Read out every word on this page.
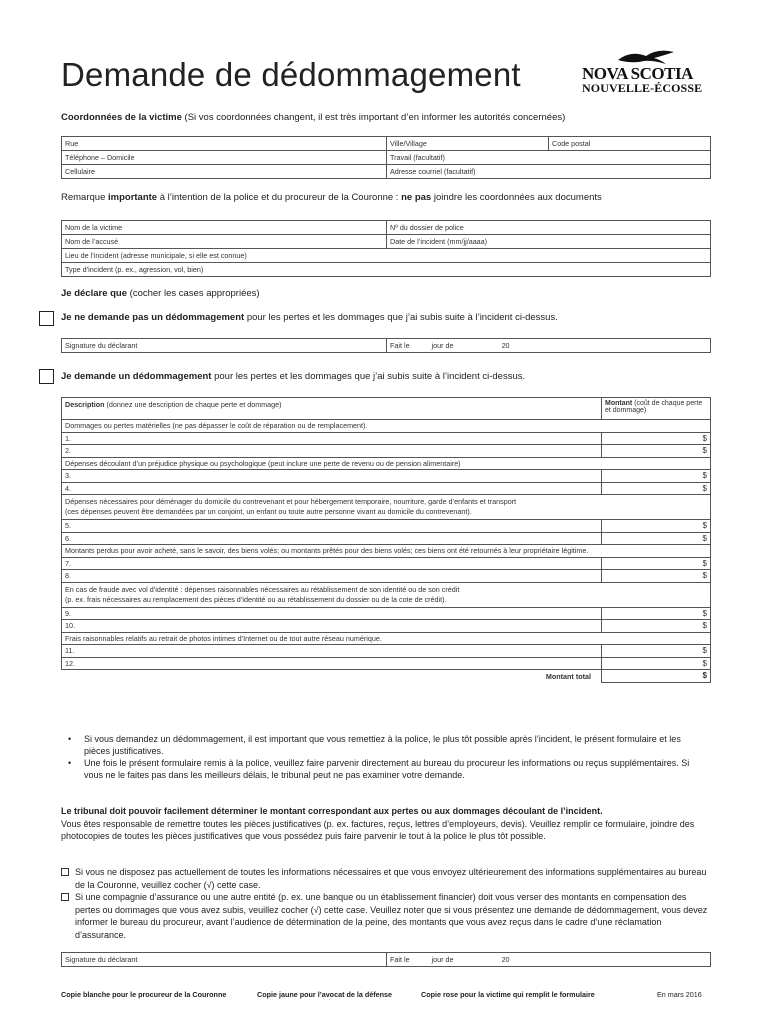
Demande de dédommagement	NOVA SCOTIA
NOUVELLE-ÉCOSSE
Coordonnées de la victime (Si vos coordonnées changent, il est très important d’en informer les autorités concernées)
Rue	Ville/Village	Code postal
Téléphone – Domicile	Travail (facultatif)	
Cellulaire	Adresse courriel (facultatif)	
Remarque importante à l’intention de la police et du procureur de la Couronne : ne pas joindre les coordonnées aux documents
Nom de la victime	Nº du dossier de police
Nom de l’accusé	Date de l’incident (mm/jj/aaaa)
Lieu de l’incident (adresse municipale, si elle est connue)	
Type d’incident (p. ex., agression, vol, bien)	
Je déclare que (cocher les cases appropriées)
Je ne demande pas un dédommagement pour les pertes et les dommages que j’ai subis suite à l’incident ci-dessus.
Signature du déclarant	Fait le	jour de	20
Je demande un dédommagement pour les pertes et les dommages que j’ai subis suite à l’incident ci-dessus.
Description (donnez une description de chaque perte et dommage)	Montant (coût de chaque perte et dommage)
Dommages ou pertes matérielles (ne pas dépasser le coût de réparation ou de remplacement).	
1.	$
2.	$
Dépenses découlant d’un préjudice physique ou psychologique (peut inclure une perte de revenu ou de pension alimentaire)	
3.	$
4.	$
Dépenses nécessaires pour déménager du domicile du contrevenant et pour hébergement temporaire, nourriture, garde d’enfants et transport
(ces dépenses peuvent être demandées par un conjoint, un enfant ou toute autre personne vivant au domicile du contrevenant).	
5.	$
6.	$
Montants perdus pour avoir acheté, sans le savoir, des biens volés; ou montants prêtés pour des biens volés; ces biens ont été retournés à leur propriétaire légitime.	
7.	$
8.	$
En cas de fraude avec vol d’identité : dépenses raisonnables nécessaires au rétablissement de son identité ou de son crédit
(p. ex. frais nécessaires au remplacement des pièces d’identité ou au rétablissement du dossier ou de la cote de crédit).	
9.	$
10.	$
Frais raisonnables relatifs au retrait de photos intimes d’Internet ou de tout autre réseau numérique.	
11.	$
12.	$
Montant total	$
• Si vous demandez un dédommagement, il est important que vous remettiez à la police, le plus tôt possible après l’incident, le présent formulaire et les pièces justificatives.
• Une fois le présent formulaire remis à la police, veuillez faire parvenir directement au bureau du procureur les informations ou reçus supplémentaires. Si vous ne le faites pas dans les meilleurs délais, le tribunal peut ne pas examiner votre demande.
Le tribunal doit pouvoir facilement déterminer le montant correspondant aux pertes ou aux dommages découlant de l’incident.
Vous êtes responsable de remettre toutes les pièces justificatives (p. ex. factures, reçus, lettres d’employeurs, devis). Veuillez remplir ce formulaire, joindre des photocopies de toutes les pièces justificatives que vous possédez puis faire parvenir le tout à la police le plus tôt possible.
Si vous ne disposez pas actuellement de toutes les informations nécessaires et que vous envoyez ultérieurement des informations supplémentaires au bureau de la Couronne, veuillez cocher (√) cette case.
Si une compagnie d’assurance ou une autre entité (p. ex. une banque ou un établissement financier) doit vous verser des montants en compensation des pertes ou dommages que vous avez subis, veuillez cocher (√) cette case. Veuillez noter que si vous présentez une demande de dédommagement, vous devez informer le bureau du procureur, avant l’audience de détermination de la peine, des montants que vous avez reçus dans le cadre d’une réclamation d’assurance.
Signature du déclarant	Fait le	jour de	20
Copie blanche pour le procureur de la Couronne	Copie jaune pour l’avocat de la défense	Copie rose pour la victime qui remplit le formulaire	En mars 2016
